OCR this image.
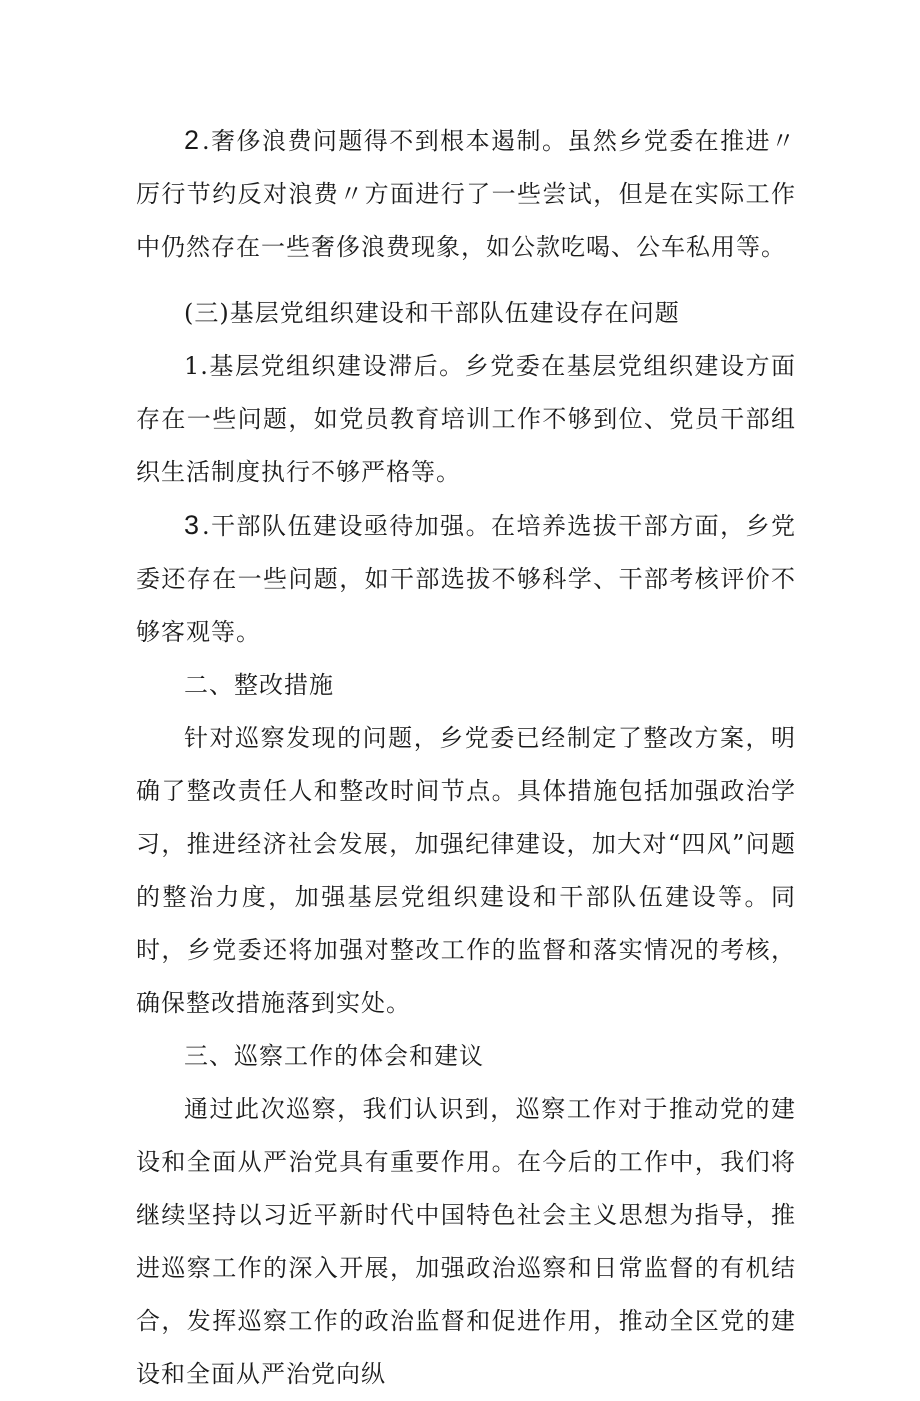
2.奢侈浪费问题得不到根本遏制。虽然乡党委在推进〃厉行节约反对浪费〃方面进行了一些尝试，但是在实际工作中仍然存在一些奢侈浪费现象，如公款吃喝、公车私用等。

(三)基层党组织建设和干部队伍建设存在问题

1.基层党组织建设滞后。乡党委在基层党组织建设方面存在一些问题，如党员教育培训工作不够到位、党员干部组织生活制度执行不够严格等。

3.干部队伍建设亟待加强。在培养选拔干部方面，乡党委还存在一些问题，如干部选拔不够科学、干部考核评价不够客观等。

二、整改措施

针对巡察发现的问题，乡党委已经制定了整改方案，明确了整改责任人和整改时间节点。具体措施包括加强政治学习，推进经济社会发展，加强纪律建设，加大对“四风”问题的整治力度，加强基层党组织建设和干部队伍建设等。同时，乡党委还将加强对整改工作的监督和落实情况的考核，确保整改措施落到实处。

三、巡察工作的体会和建议

通过此次巡察，我们认识到，巡察工作对于推动党的建设和全面从严治党具有重要作用。在今后的工作中，我们将继续坚持以习近平新时代中国特色社会主义思想为指导，推进巡察工作的深入开展，加强政治巡察和日常监督的有机结合，发挥巡察工作的政治监督和促进作用，推动全区党的建设和全面从严治党向纵
